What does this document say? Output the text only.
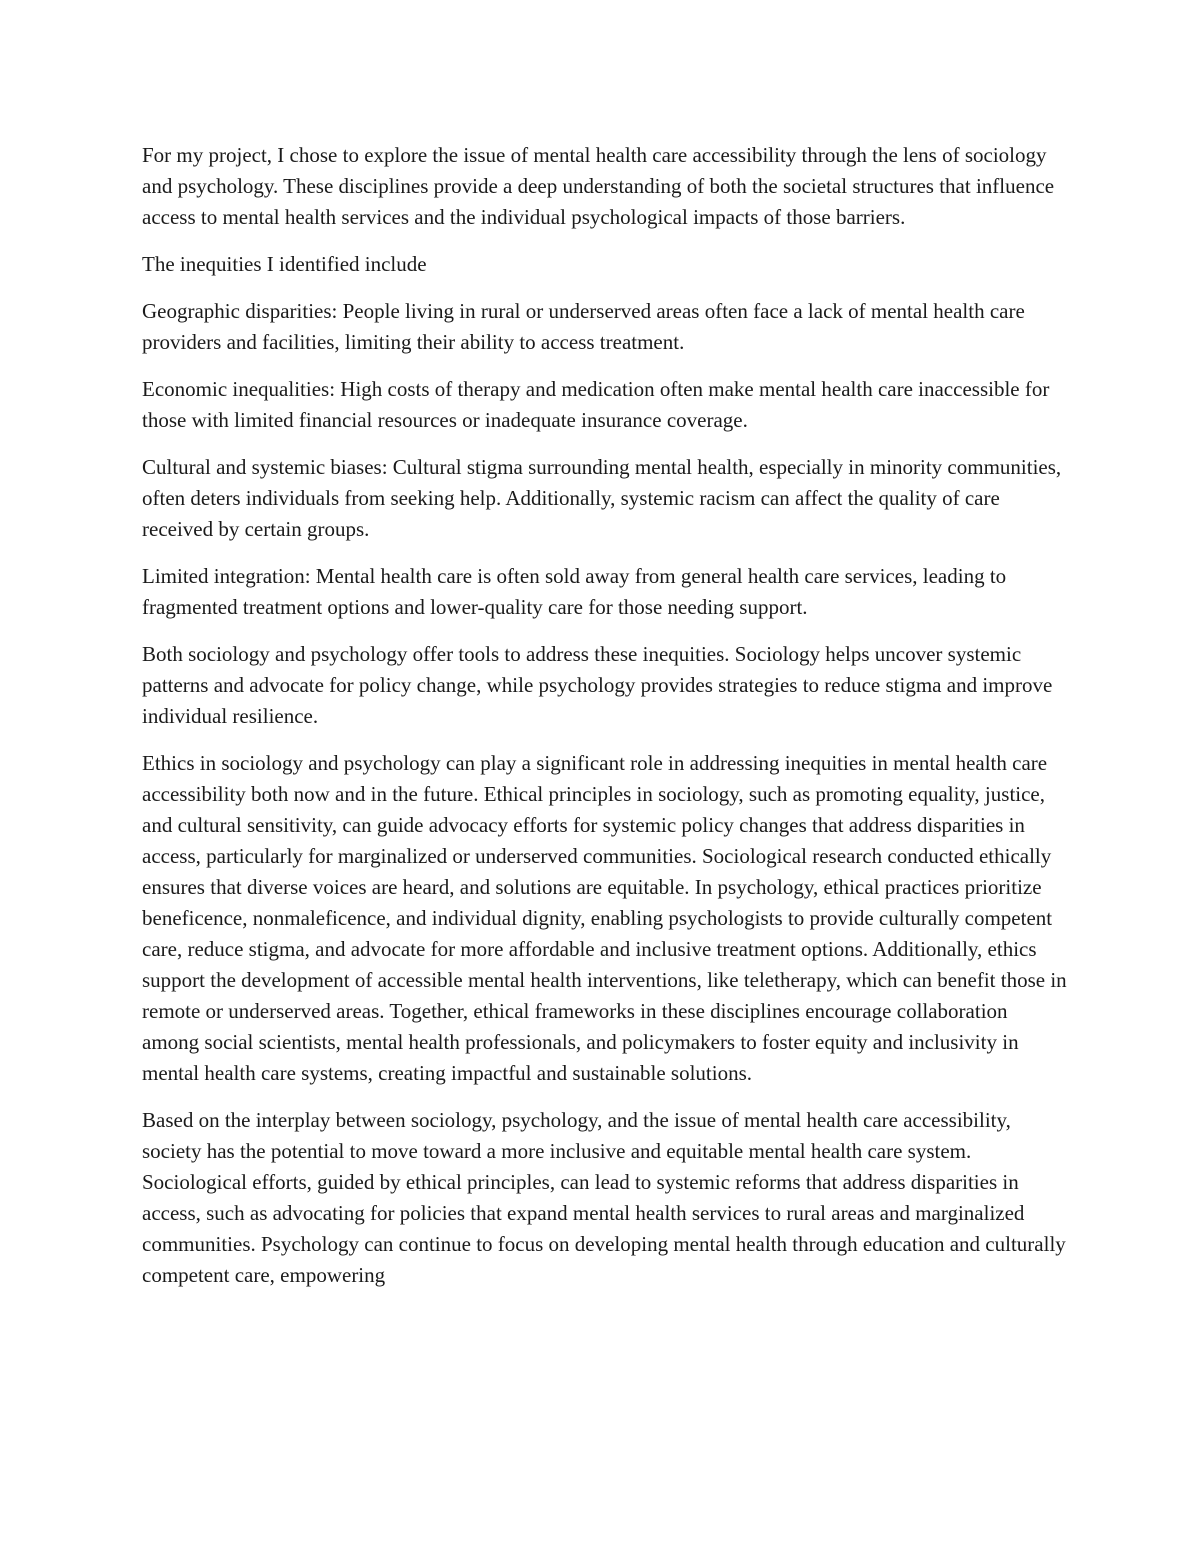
For my project, I chose to explore the issue of mental health care accessibility through the lens of sociology and psychology. These disciplines provide a deep understanding of both the societal structures that influence access to mental health services and the individual psychological impacts of those barriers.

The inequities I identified include

Geographic disparities: People living in rural or underserved areas often face a lack of mental health care providers and facilities, limiting their ability to access treatment.

Economic inequalities: High costs of therapy and medication often make mental health care inaccessible for those with limited financial resources or inadequate insurance coverage.

Cultural and systemic biases: Cultural stigma surrounding mental health, especially in minority communities, often deters individuals from seeking help. Additionally, systemic racism can affect the quality of care received by certain groups.

Limited integration: Mental health care is often sold away from general health care services, leading to fragmented treatment options and lower-quality care for those needing support.

Both sociology and psychology offer tools to address these inequities. Sociology helps uncover systemic patterns and advocate for policy change, while psychology provides strategies to reduce stigma and improve individual resilience.

Ethics in sociology and psychology can play a significant role in addressing inequities in mental health care accessibility both now and in the future. Ethical principles in sociology, such as promoting equality, justice, and cultural sensitivity, can guide advocacy efforts for systemic policy changes that address disparities in access, particularly for marginalized or underserved communities. Sociological research conducted ethically ensures that diverse voices are heard, and solutions are equitable. In psychology, ethical practices prioritize beneficence, nonmaleficence, and individual dignity, enabling psychologists to provide culturally competent care, reduce stigma, and advocate for more affordable and inclusive treatment options. Additionally, ethics support the development of accessible mental health interventions, like teletherapy, which can benefit those in remote or underserved areas. Together, ethical frameworks in these disciplines encourage collaboration among social scientists, mental health professionals, and policymakers to foster equity and inclusivity in mental health care systems, creating impactful and sustainable solutions.

Based on the interplay between sociology, psychology, and the issue of mental health care accessibility, society has the potential to move toward a more inclusive and equitable mental health care system. Sociological efforts, guided by ethical principles, can lead to systemic reforms that address disparities in access, such as advocating for policies that expand mental health services to rural areas and marginalized communities. Psychology can continue to focus on developing mental health through education and culturally competent care, empowering
